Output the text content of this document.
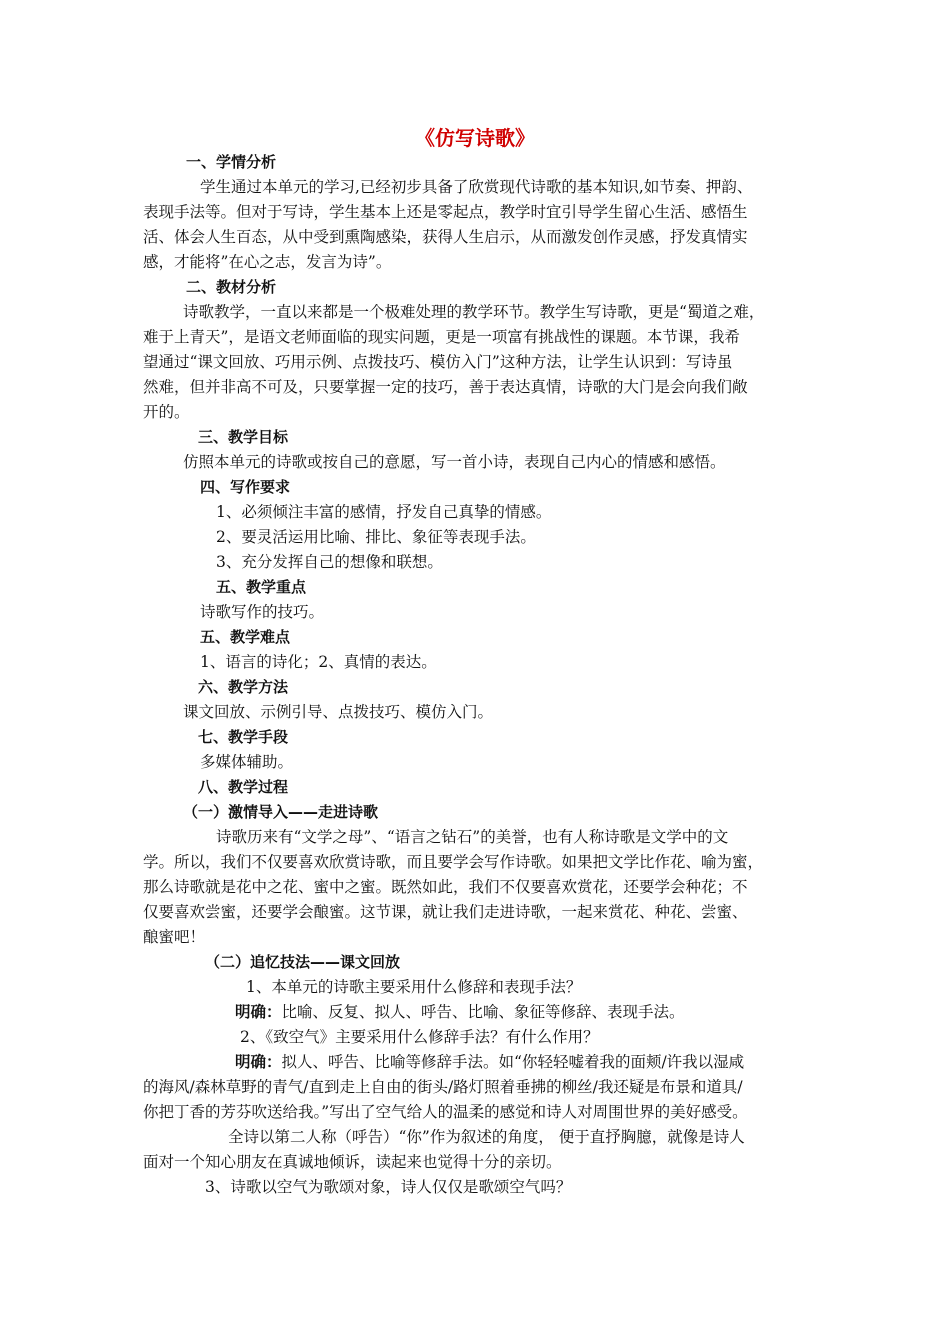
《仿写诗歌》
一、学情分析
学生通过本单元的学习,已经初步具备了欣赏现代诗歌的基本知识,如节奏、押韵、
表现手法等。但对于写诗，学生基本上还是零起点，教学时宜引导学生留心生活、感悟生
活、体会人生百态，从中受到熏陶感染，获得人生启示，从而激发创作灵感，抒发真情实
感，才能将”在心之志，发言为诗”。
二、教材分析
诗歌教学，一直以来都是一个极难处理的教学环节。教学生写诗歌，更是“蜀道之难，
难于上青天”，是语文老师面临的现实问题，更是一项富有挑战性的课题。本节课，我希
望通过“课文回放、巧用示例、点拨技巧、模仿入门”这种方法，让学生认识到：写诗虽
然难，但并非高不可及，只要掌握一定的技巧，善于表达真情，诗歌的大门是会向我们敞
开的。
三、教学目标
仿照本单元的诗歌或按自己的意愿，写一首小诗，表现自己内心的情感和感悟。
四、写作要求
1、必须倾注丰富的感情，抒发自己真挚的情感。
2、要灵活运用比喻、排比、象征等表现手法。
3、充分发挥自己的想像和联想。
五、教学重点
诗歌写作的技巧。
五、教学难点
1、语言的诗化；2、真情的表达。
六、教学方法
课文回放、示例引导、点拨技巧、模仿入门。
七、教学手段
多媒体辅助。
八、教学过程
（一）激情导入——走进诗歌
诗歌历来有“文学之母”、“语言之钻石”的美誉，也有人称诗歌是文学中的文
学。所以，我们不仅要喜欢欣赏诗歌，而且要学会写作诗歌。如果把文学比作花、喻为蜜，
那么诗歌就是花中之花、蜜中之蜜。既然如此，我们不仅要喜欢赏花，还要学会种花；不
仅要喜欢尝蜜，还要学会酿蜜。这节课，就让我们走进诗歌，一起来赏花、种花、尝蜜、
酿蜜吧！
（二）追忆技法——课文回放
1、本单元的诗歌主要采用什么修辞和表现手法？
明确：比喻、反复、拟人、呼告、比喻、象征等修辞、表现手法。
2、《致空气》主要采用什么修辞手法？有什么作用？
明确：拟人、呼告、比喻等修辞手法。如“你轻轻嘘着我的面颊/许我以湿咸
的海风/森林草野的青气/直到走上自由的街头/路灯照着垂拂的柳丝/我还疑是布景和道具/
你把丁香的芳芬吹送给我。”写出了空气给人的温柔的感觉和诗人对周围世界的美好感受。
全诗以第二人称（呼告）“你”作为叙述的角度， 便于直抒胸臆，就像是诗人
面对一个知心朋友在真诚地倾诉，读起来也觉得十分的亲切。
3、诗歌以空气为歌颂对象，诗人仅仅是歌颂空气吗？
